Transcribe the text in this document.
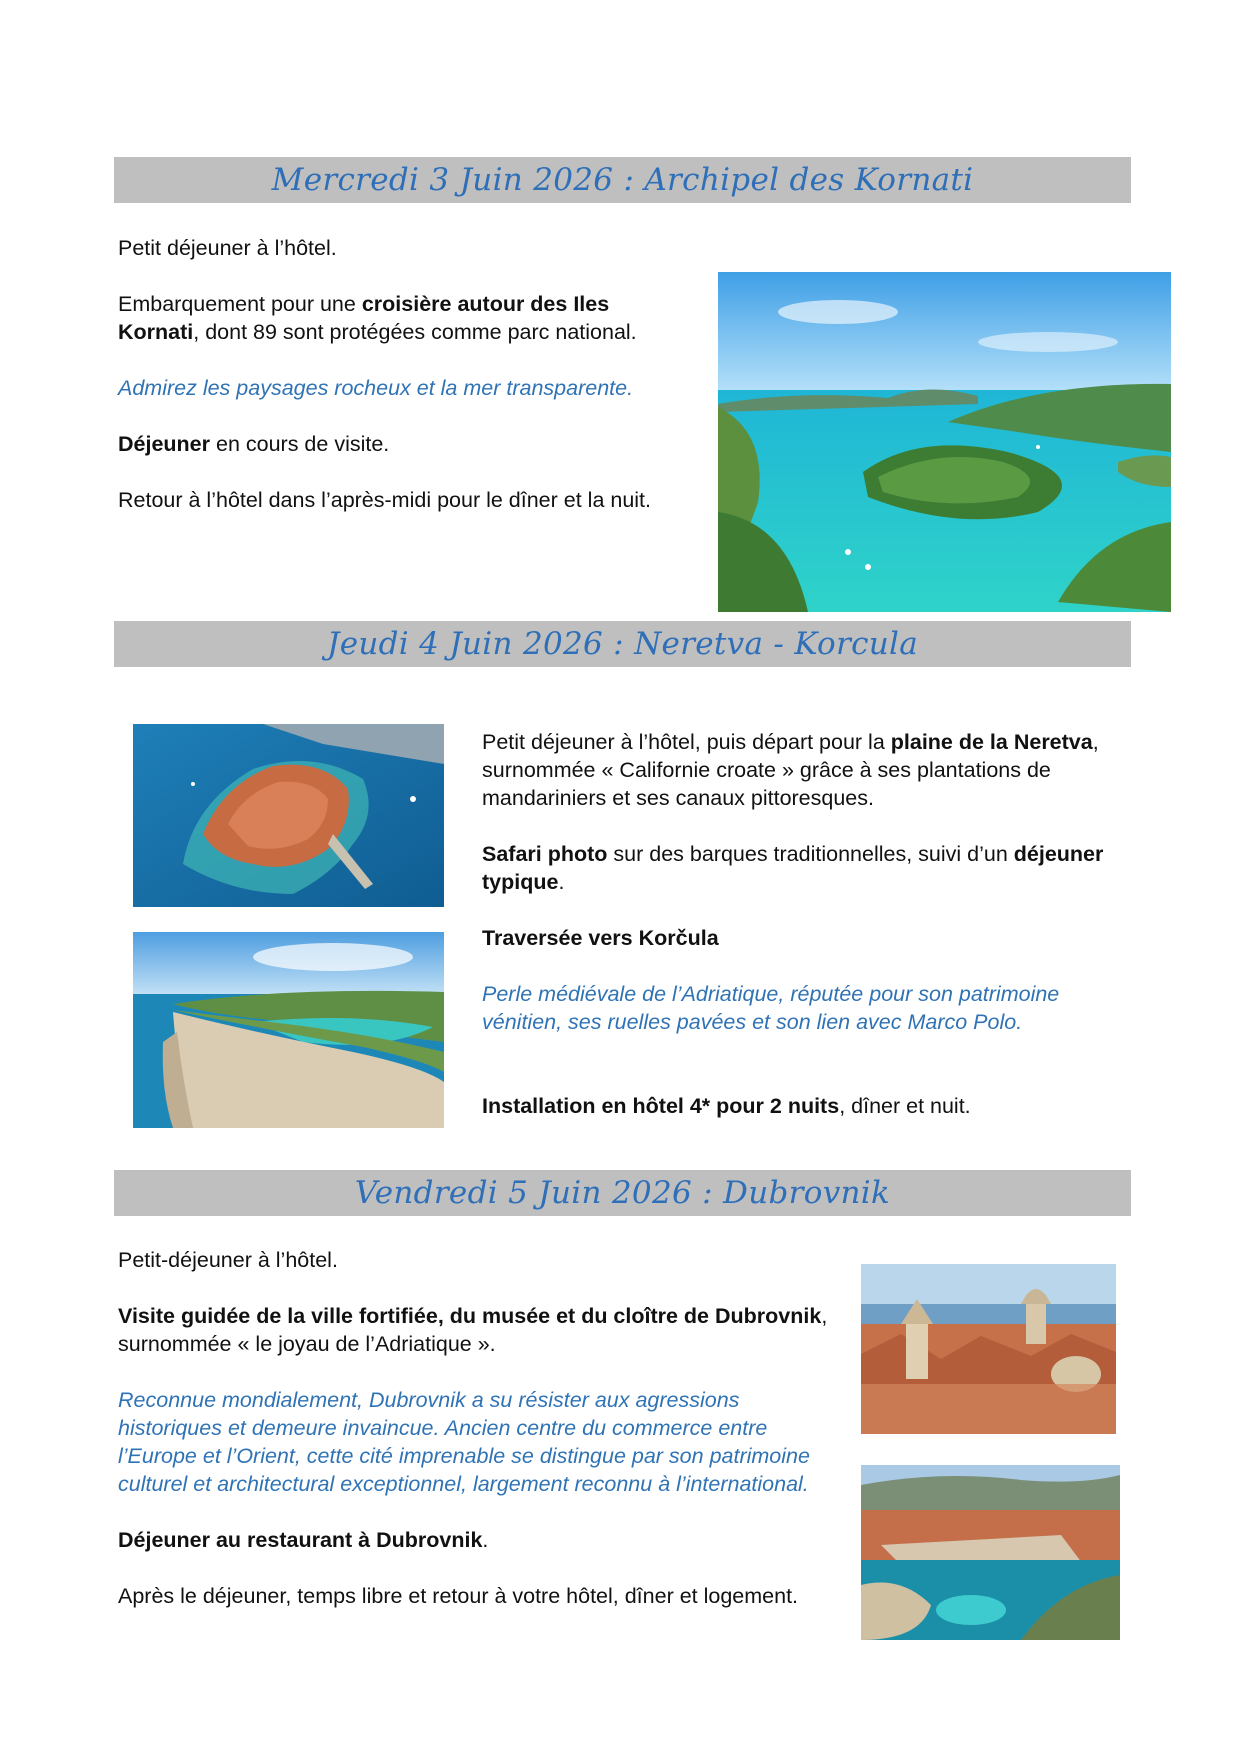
Mercredi 3 Juin 2026 : Archipel des Kornati

Petit déjeuner à l’hôtel.

Embarquement pour une croisière autour des Iles Kornati, dont 89 sont protégées comme parc national.

Admirez les paysages rocheux et la mer transparente.

Déjeuner en cours de visite.

Retour à l’hôtel dans l’après-midi pour le dîner et la nuit.

Jeudi 4 Juin 2026 : Neretva - Korcula

Petit déjeuner à l’hôtel, puis départ pour la plaine de la Neretva, surnommée « Californie croate » grâce à ses plantations de mandariniers et ses canaux pittoresques.

Safari photo sur des barques traditionnelles, suivi d’un déjeuner typique.

Traversée vers Korčula

Perle médiévale de l’Adriatique, réputée pour son patrimoine vénitien, ses ruelles pavées et son lien avec Marco Polo.

Installation en hôtel 4* pour 2 nuits, dîner et nuit.

Vendredi 5 Juin 2026 : Dubrovnik

Petit-déjeuner à l’hôtel.

Visite guidée de la ville fortifiée, du musée et du cloître de Dubrovnik, surnommée « le joyau de l’Adriatique ».

Reconnue mondialement, Dubrovnik a su résister aux agressions historiques et demeure invaincue. Ancien centre du commerce entre l’Europe et l’Orient, cette cité imprenable se distingue par son patrimoine culturel et architectural exceptionnel, largement reconnu à l’international.

Déjeuner au restaurant à Dubrovnik.

Après le déjeuner, temps libre et retour à votre hôtel, dîner et logement.
